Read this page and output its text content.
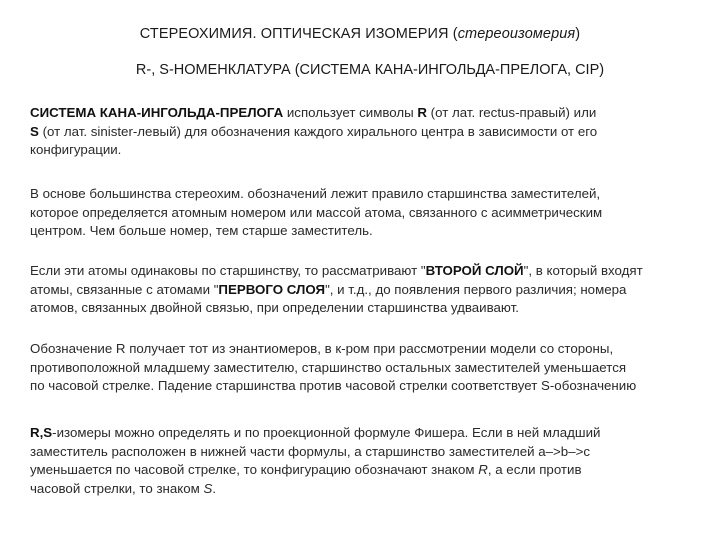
СТЕРЕОХИМИЯ. ОПТИЧЕСКАЯ ИЗОМЕРИЯ (стереоизомерия)
R-, S-НОМЕНКЛАТУРА (СИСТЕМА КАНА-ИНГОЛЬДА-ПРЕЛОГА, CIP)
СИСТЕМА КАНА-ИНГОЛЬДА-ПРЕЛОГА использует символы R (от лат. rectus-правый) или
S (от лат. sinister-левый) для обозначения каждого хирального центра в зависимости от его
конфигурации.
В основе большинства стереохим. обозначений лежит правило старшинства заместителей,
которое определяется атомным номером или массой атома, связанного с асимметрическим
центром. Чем больше номер, тем старше заместитель.
Если эти атомы одинаковы по старшинству, то рассматривают "ВТОРОЙ СЛОЙ", в который входят
атомы, связанные с атомами "ПЕРВОГО СЛОЯ", и т.д., до появления первого различия; номера
атомов, связанных двойной связью, при определении старшинства удваивают.
Обозначение R получает тот из энантиомеров, в к-ром при рассмотрении модели со стороны,
противоположной младшему заместителю, старшинство остальных заместителей уменьшается
по часовой стрелке. Падение старшинства против часовой стрелки соответствует S-обозначению
R,S-изомеры можно определять и по проекционной формуле Фишера. Если в ней младший
заместитель расположен в нижней части формулы, а старшинство заместителей a–>b–>c
уменьшается по часовой стрелке, то конфигурацию обозначают знаком R, а если против
часовой стрелки, то знаком S.
